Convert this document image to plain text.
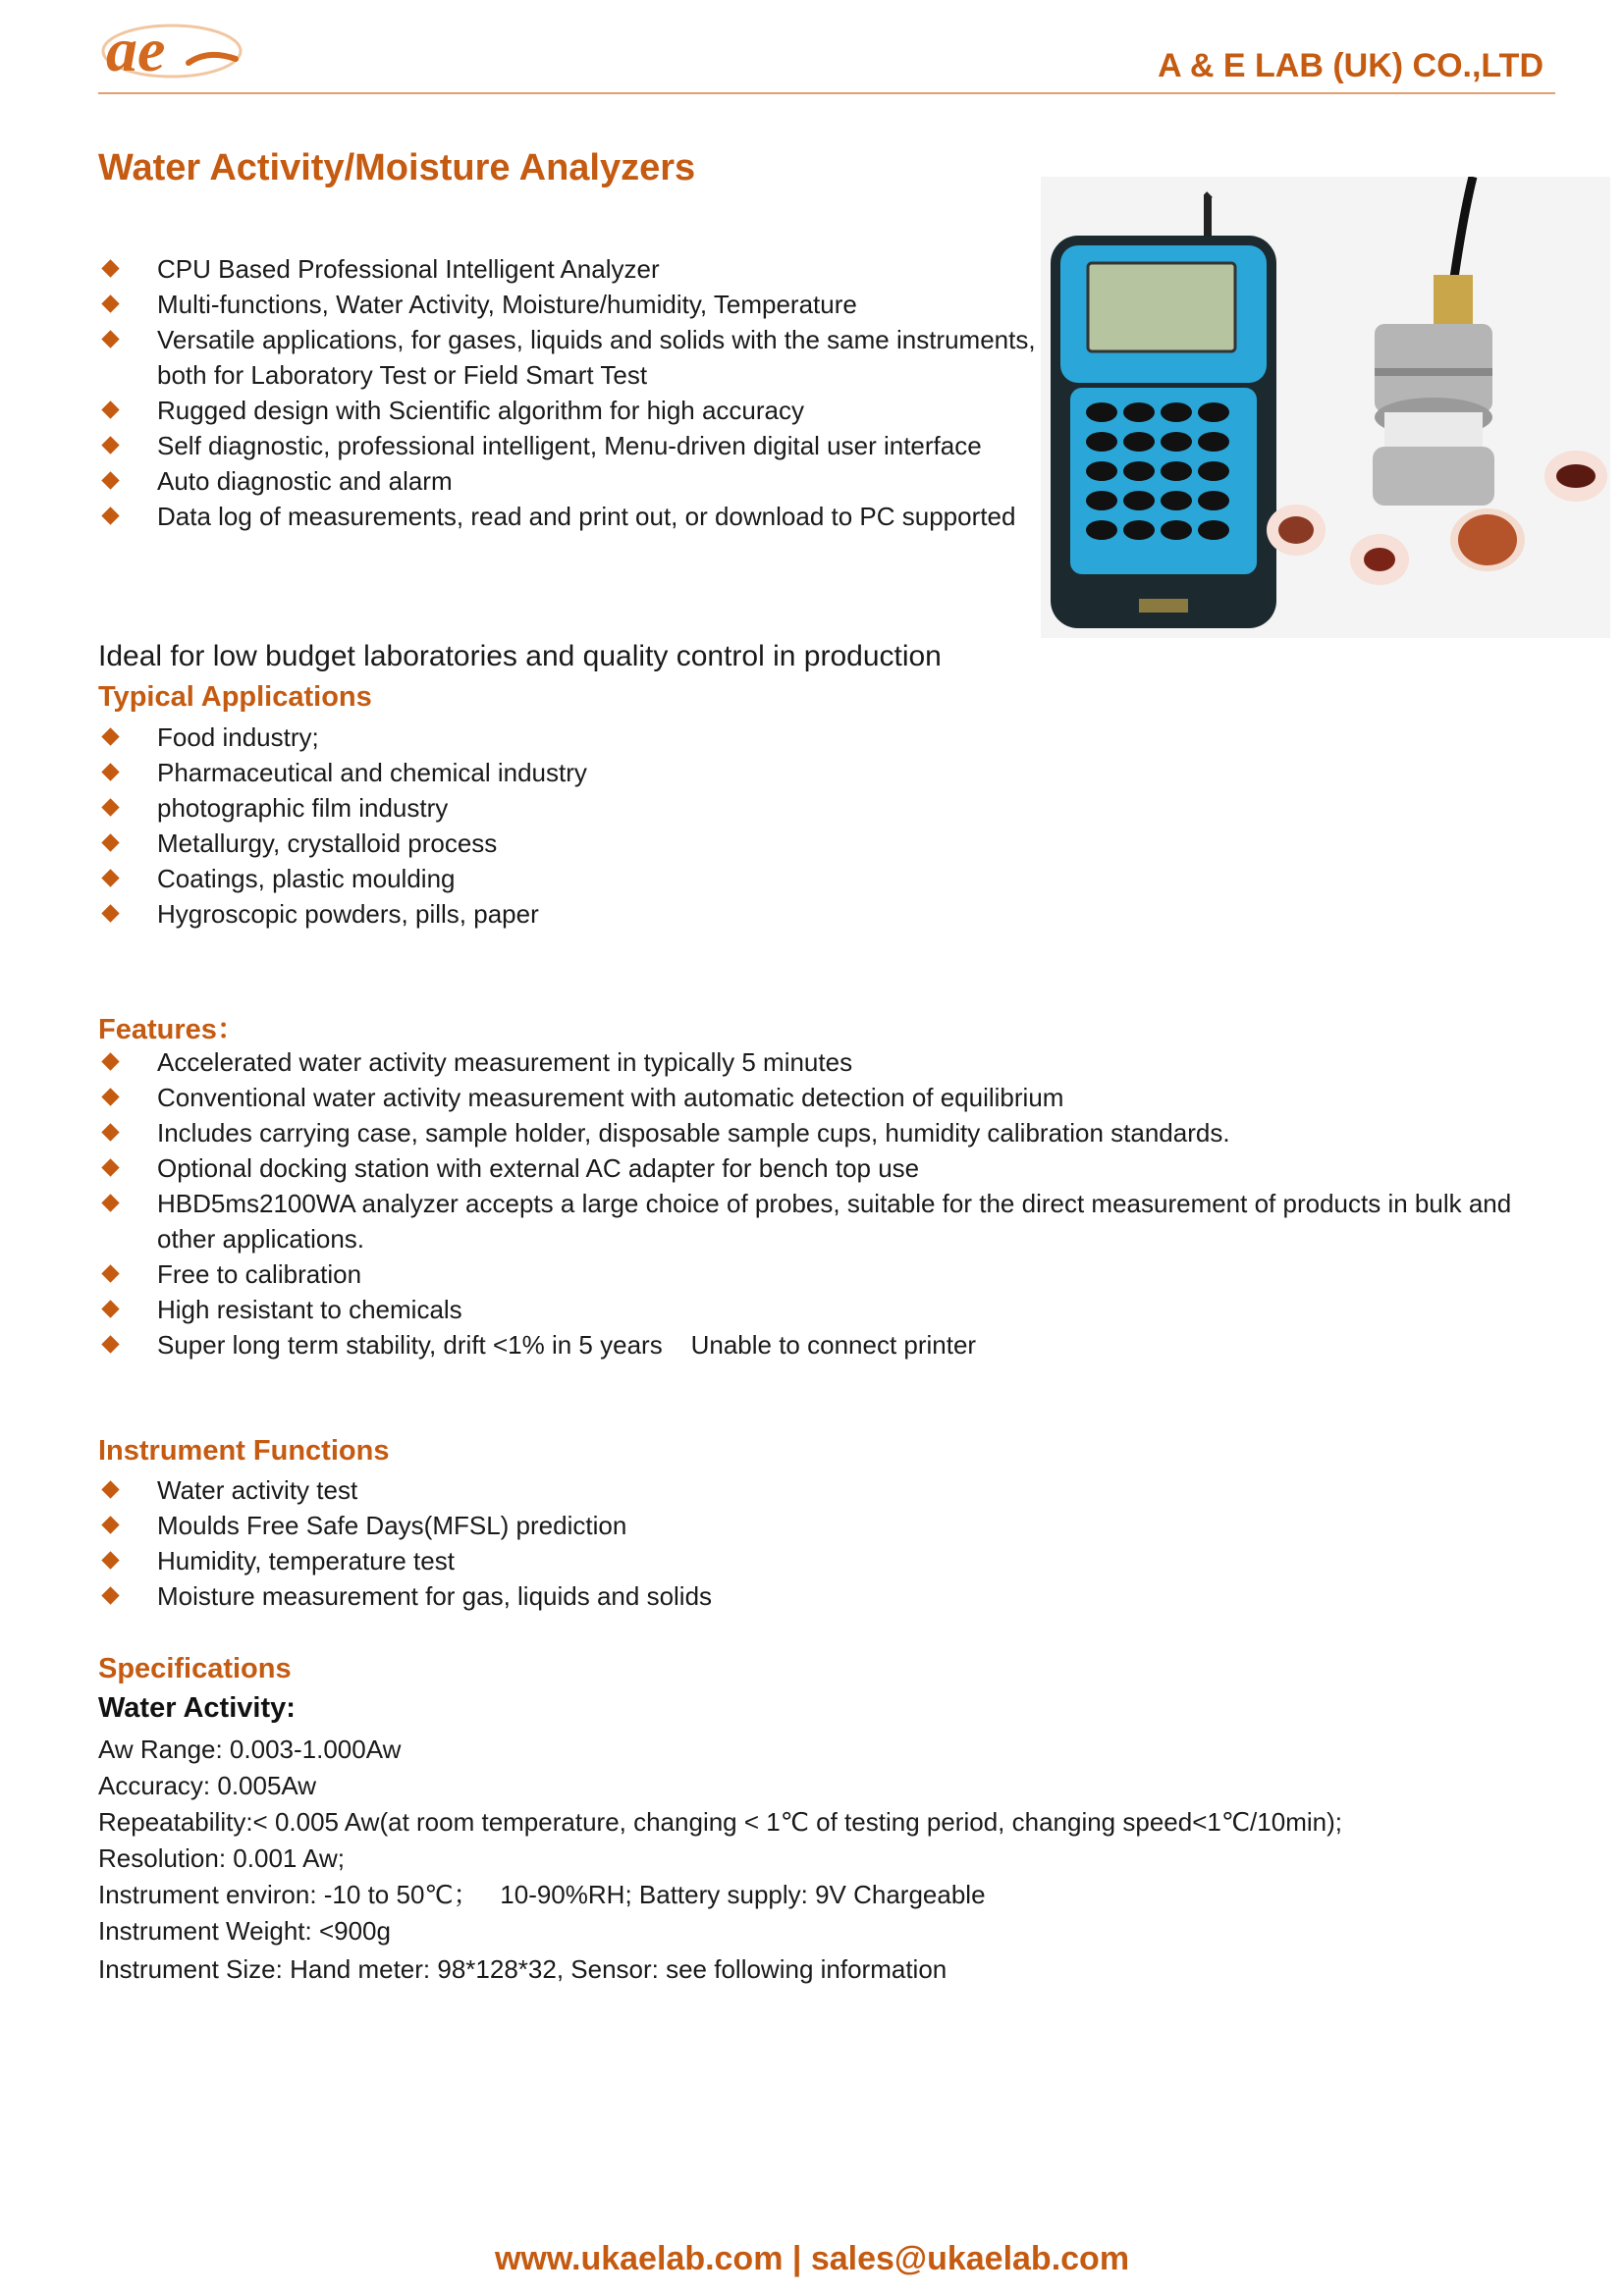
ae	A & E LAB (UK) CO.,LTD
Water Activity/Moisture Analyzers
CPU Based Professional Intelligent Analyzer
Multi-functions, Water Activity, Moisture/humidity, Temperature
Versatile applications, for gases, liquids and solids with the same instruments, both for Laboratory Test or Field Smart Test
Rugged design with Scientific algorithm for high accuracy
Self diagnostic, professional intelligent, Menu-driven digital user interface
Auto diagnostic and alarm
Data log of measurements, read and print out, or download to PC supported
Ideal for low budget laboratories and quality control in production
Typical Applications
Food industry;
Pharmaceutical and chemical industry
photographic film industry
Metallurgy, crystalloid process
Coatings, plastic moulding
Hygroscopic powders, pills, paper
Features：
Accelerated water activity measurement in typically 5 minutes
Conventional water activity measurement with automatic detection of equilibrium
Includes carrying case, sample holder, disposable sample cups, humidity calibration standards.
Optional docking station with external AC adapter for bench top use
HBD5ms2100WA analyzer accepts a large choice of probes, suitable for the direct measurement of products in bulk and other applications.
Free to calibration
High resistant to chemicals
Super long term stability, drift <1% in 5 years    Unable to connect printer
Instrument Functions
Water activity test
Moulds Free Safe Days(MFSL) prediction
Humidity, temperature test
Moisture measurement for gas, liquids and solids
Specifications
Water Activity:
Aw Range: 0.003-1.000Aw
Accuracy: 0.005Aw
Repeatability:< 0.005 Aw(at room temperature, changing < 1℃ of testing period, changing speed<1℃/10min);
Resolution: 0.001 Aw;
Instrument environ: -10 to 50℃；   10-90%RH; Battery supply: 9V Chargeable
Instrument Weight: <900g
Instrument Size: Hand meter: 98*128*32, Sensor: see following information
www.ukaelab.com | sales@ukaelab.com
